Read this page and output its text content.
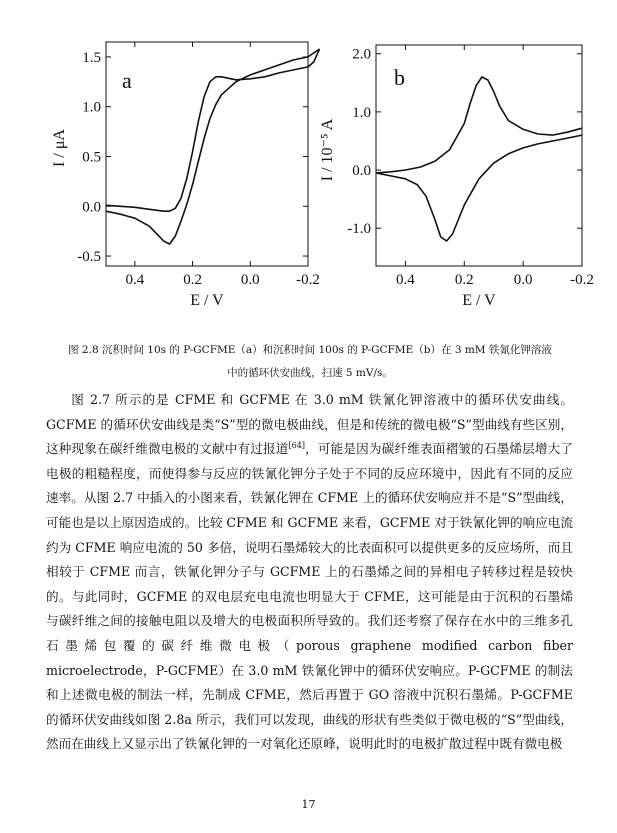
0.4	0.2	0.0 -0.2
-0.5
0.0
0.5
1.0
1.5
E / V
I / μA
a
0.4	0.2	0.0	-0.2
-1.0
0.0
1.0
2.0
E / V
I / 10⁻⁵ A
b
图 2.8 沉积时间 10s 的 P-GCFME（a）和沉积时间 100s 的 P-GCFME（b）在 3 mM 铁氰化钾溶液
中的循环伏安曲线，扫速 5 mV/s。

图 2.7 所示的是 CFME 和 GCFME 在 3.0 mM 铁氰化钾溶液中的循环伏安曲线。GCFME 的循环伏安曲线是类“S”型的微电极曲线，但是和传统的微电极“S”型曲线有些区别，这种现象在碳纤维微电极的文献中有过报道[64]，可能是因为碳纤维表面褶皱的石墨烯层增大了电极的粗糙程度，而使得参与反应的铁氰化钾分子处于不同的反应环境中，因此有不同的反应速率。从图 2.7 中插入的小图来看，铁氰化钾在 CFME 上的循环伏安响应并不是“S”型曲线，可能也是以上原因造成的。比较 CFME 和 GCFME 来看，GCFME 对于铁氰化钾的响应电流约为 CFME 响应电流的 50 多倍，说明石墨烯较大的比表面积可以提供更多的反应场所，而且相较于 CFME 而言，铁氰化钾分子与 GCFME 上的石墨烯之间的异相电子转移过程是较快的。与此同时，GCFME 的双电层充电电流也明显大于 CFME，这可能是由于沉积的石墨烯与碳纤维之间的接触电阻以及增大的电极面积所导致的。我们还考察了保存在水中的三维多孔石墨烯包覆的碳纤维微电极（porous graphene modified carbon fiber microelectrode，P-GCFME）在 3.0 mM 铁氰化钾中的循环伏安响应。P-GCFME 的制法和上述微电极的制法一样，先制成 CFME，然后再置于 GO 溶液中沉积石墨烯。P-GCFME 的循环伏安曲线如图 2.8a 所示，我们可以发现，曲线的形状有些类似于微电极的“S”型曲线，然而在曲线上又显示出了铁氰化钾的一对氧化还原峰，说明此时的电极扩散过程中既有微电极

17
